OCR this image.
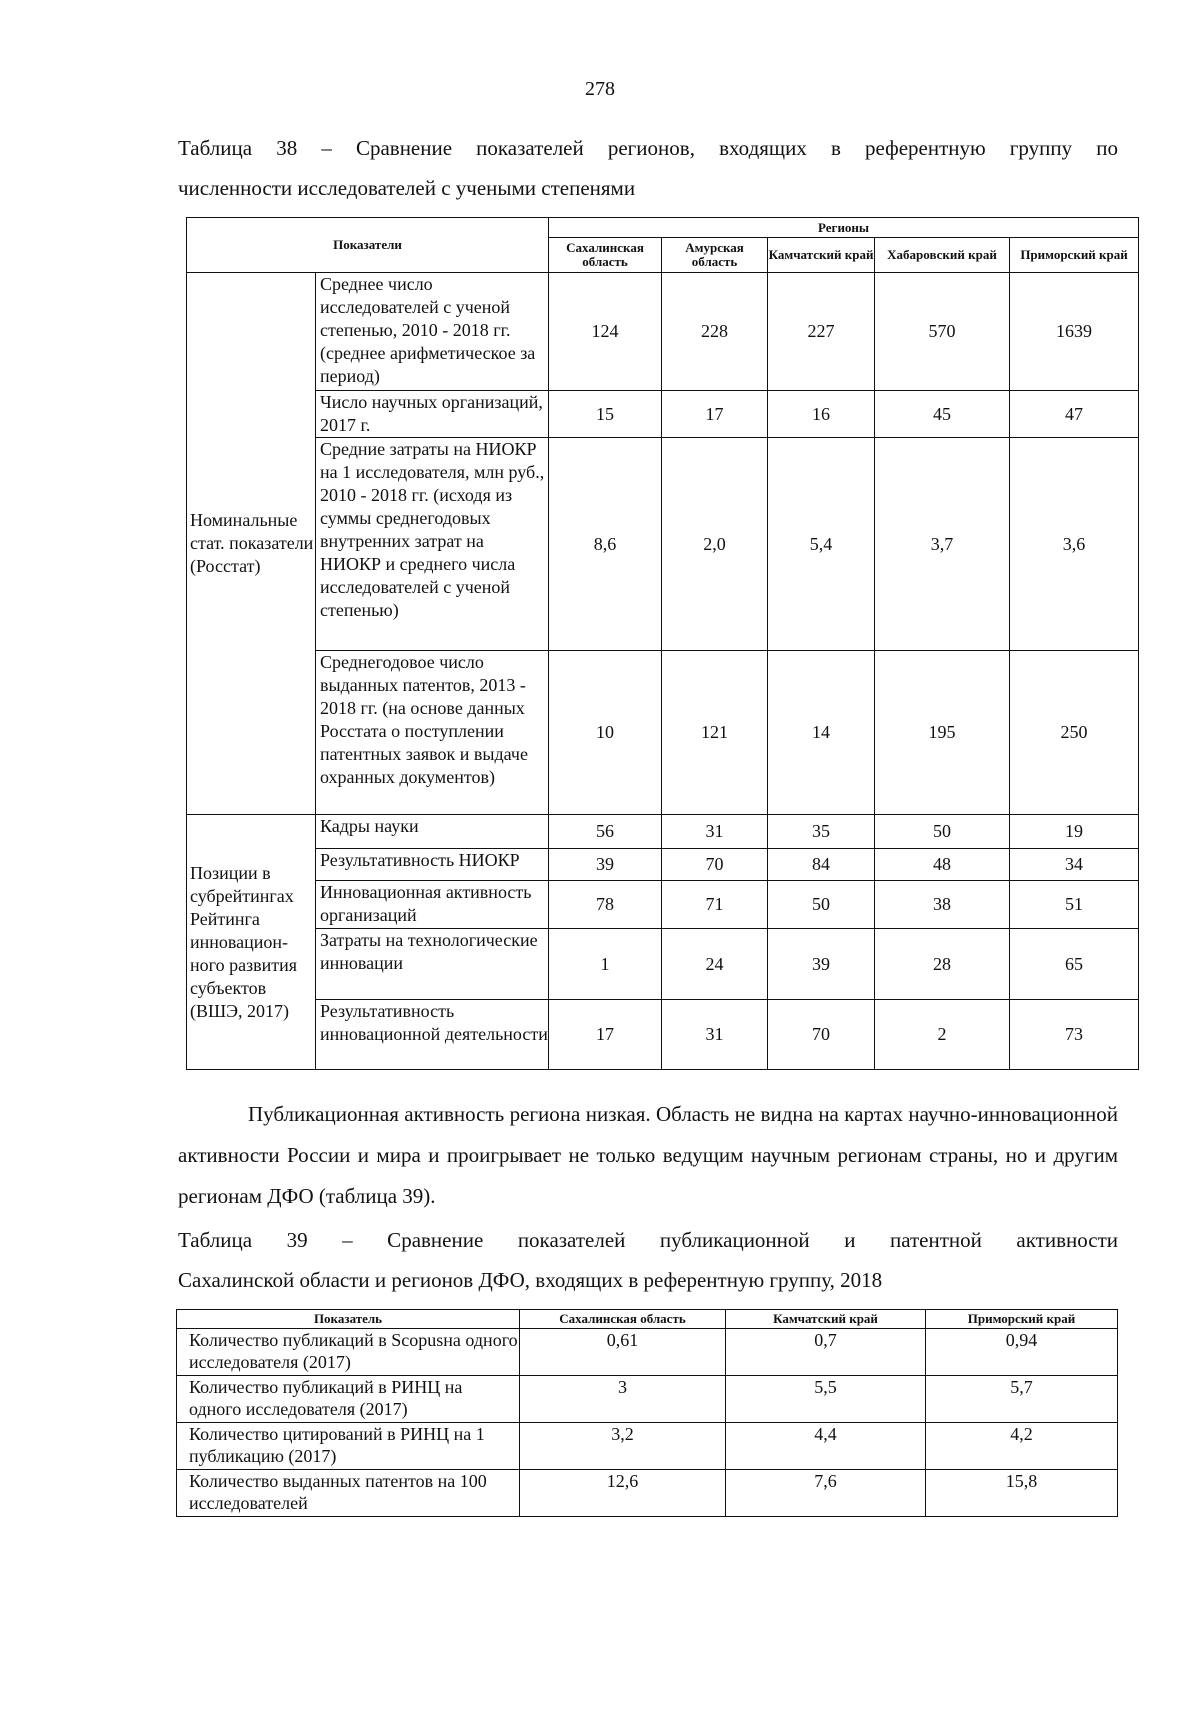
278
Таблица 38 – Сравнение показателей регионов, входящих в референтную группу по
численности исследователей с учеными степенями
Показатели		Регионы				
		Сахалинская область	Амурская область	Камчатский край	Хабаровский край	Приморский край
Номинальные стат. показатели (Росстат)	Среднее число исследователей с ученой степенью, 2010 - 2018 гг. (среднее арифметическое за период)	124	228	227	570	1639
	Число научных организаций, 2017 г.	15	17	16	45	47
	Средние затраты на НИОКР на 1 исследователя, млн руб., 2010 - 2018 гг. (исходя из суммы среднегодовых внутренних затрат на НИОКР и среднего числа исследователей с ученой степенью)	8,6	2,0	5,4	3,7	3,6
	Среднегодовое число выданных патентов, 2013 - 2018 гг. (на основе данных Росстата о поступлении патентных заявок и выдаче охранных документов)	10	121	14	195	250
Позиции в субрейтингах Рейтинга инновацион-ного развития субъектов (ВШЭ, 2017)	Кадры науки	56	31	35	50	19
	Результативность НИОКР	39	70	84	48	34
	Инновационная активность организаций	78	71	50	38	51
	Затраты на технологические инновации	1	24	39	28	65
	Результативность инновационной деятельности	17	31	70	2	73
Публикационная активность региона низкая. Область не видна на картах научно-инновационной активности России и мира и проигрывает не только ведущим научным регионам страны, но и другим регионам ДФО (таблица 39).
Таблица 39 – Сравнение показателей публикационной и патентной активности
Сахалинской области и регионов ДФО, входящих в референтную группу, 2018
Показатель	Сахалинская область	Камчатский край	Приморский край
Количество публикаций в Scopusна одного исследователя (2017)	0,61	0,7	0,94
Количество публикаций в РИНЦ на одного исследователя (2017)	3	5,5	5,7
Количество цитирований в РИНЦ на 1 публикацию (2017)	3,2	4,4	4,2
Количество выданных патентов на 100 исследователей	12,6	7,6	15,8
